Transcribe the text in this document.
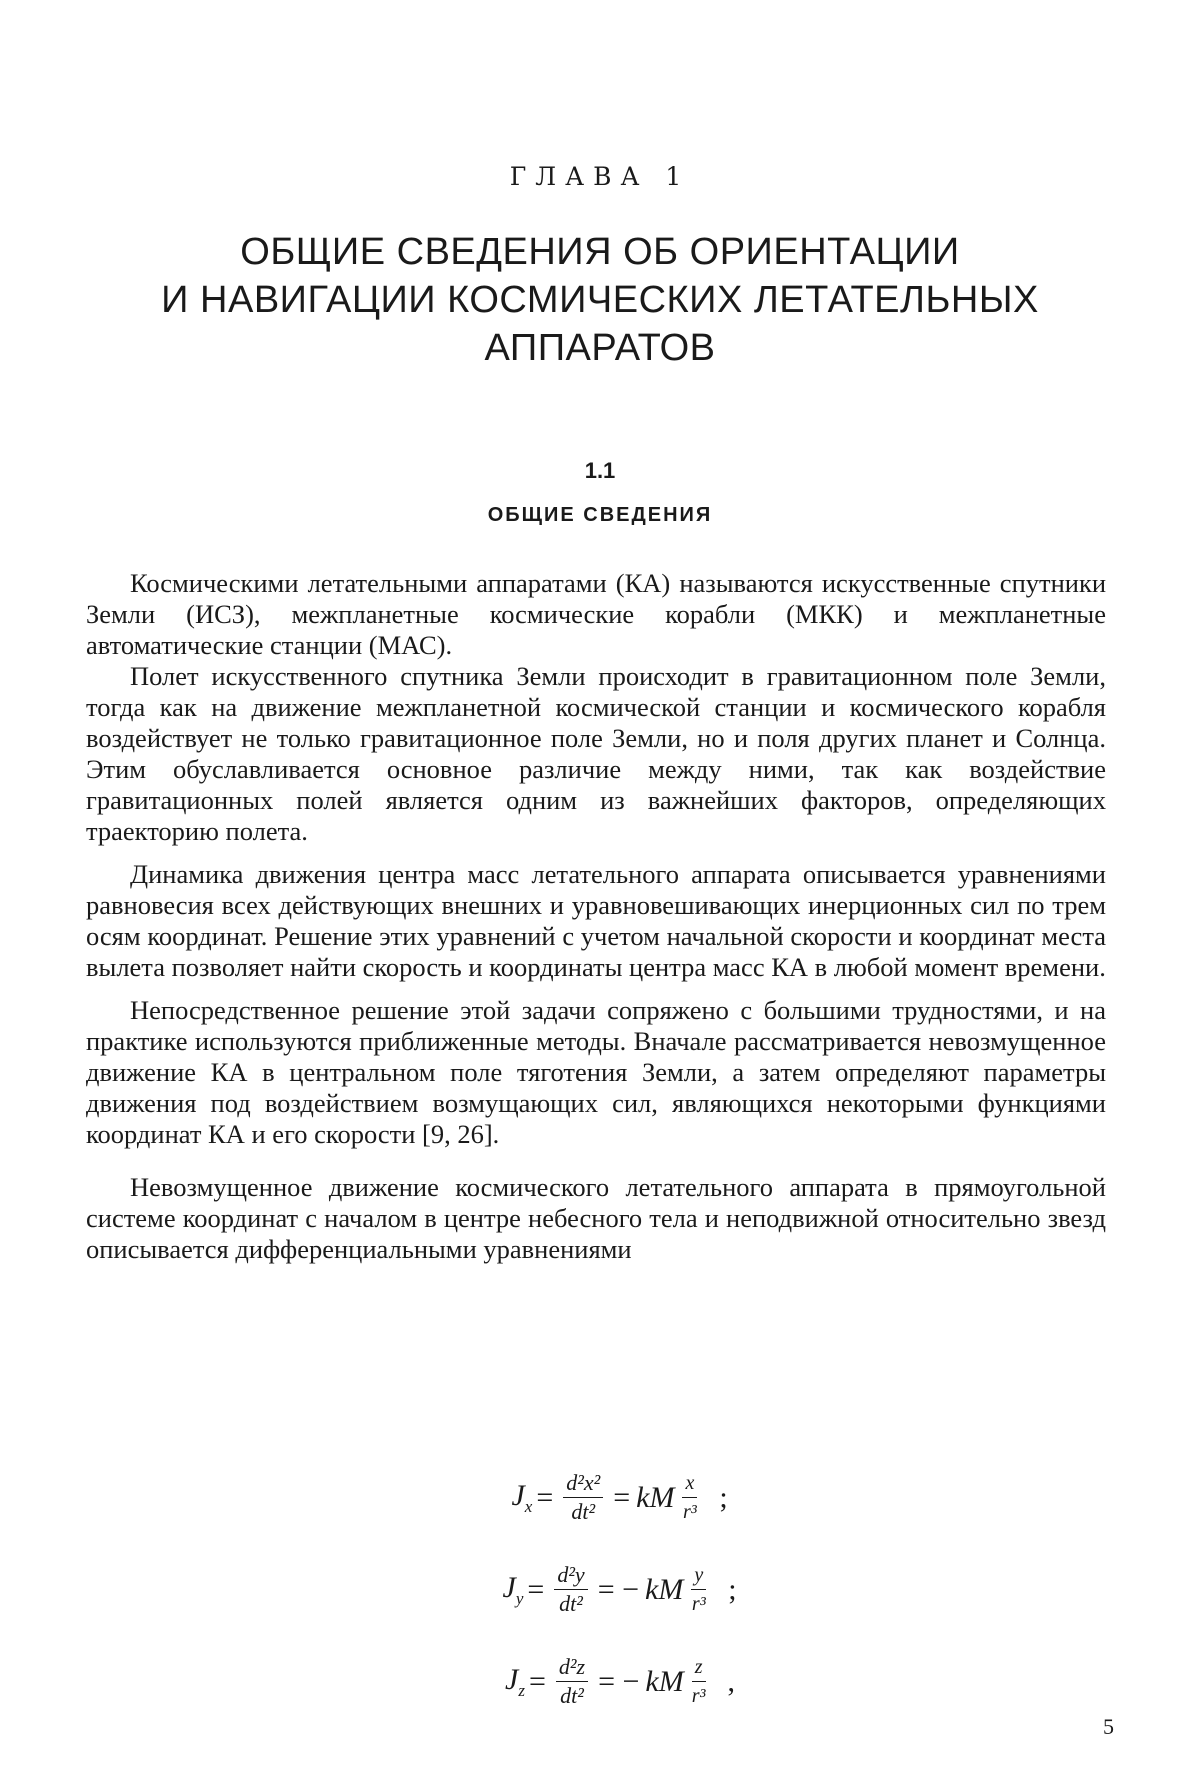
ГЛАВА 1
ОБЩИЕ СВЕДЕНИЯ ОБ ОРИЕНТАЦИИ
И НАВИГАЦИИ КОСМИЧЕСКИХ ЛЕТАТЕЛЬНЫХ
АППАРАТОВ
1.1
ОБЩИЕ СВЕДЕНИЯ

Космическими летательными аппаратами (КА) называются искусственные спутники Земли (ИСЗ), межпланетные космические корабли (МКК) и межпланетные автоматические станции (МАС).

Полет искусственного спутника Земли происходит в гравитационном поле Земли, тогда как на движение межпланетной космической станции и космического корабля воздействует не только гравитационное поле Земли, но и поля других планет и Солнца. Этим обуславливается основное различие между ними, так как воздействие гравитационных полей является одним из важнейших факторов, определяющих траекторию полета.

Динамика движения центра масс летательного аппарата описывается уравнениями равновесия всех действующих внешних и уравновешивающих инерционных сил по трем осям координат. Решение этих уравнений с учетом начальной скорости и координат места вылета позволяет найти скорость и координаты центра масс КА в любой момент времени.

Непосредственное решение этой задачи сопряжено с большими трудностями, и на практике используются приближенные методы. Вначале рассматривается невозмущенное движение КА в центральном поле тяготения Земли, а затем определяют параметры движения под воздействием возмущающих сил, являющихся некоторыми функциями координат КА и его скорости [9, 26].

Невозмущенное движение космического летательного аппарата в прямоугольной системе координат с началом в центре небесного тела и неподвижной относительно звезд описывается дифференциальными уравнениями

$J_x = \frac{\text{d²x²}}{\text{dt²}}$ = kM $\frac{x}{\text{r³}}$ ;
$J_y = \frac{\text{d²y}}{\text{dt²}}$ = − kM $\frac{y}{\text{r³}}$ ;
$J_z = \frac{\text{d²z}}{\text{dt²}}$ = − kM $\frac{z}{\text{r³}}$ ,
5
